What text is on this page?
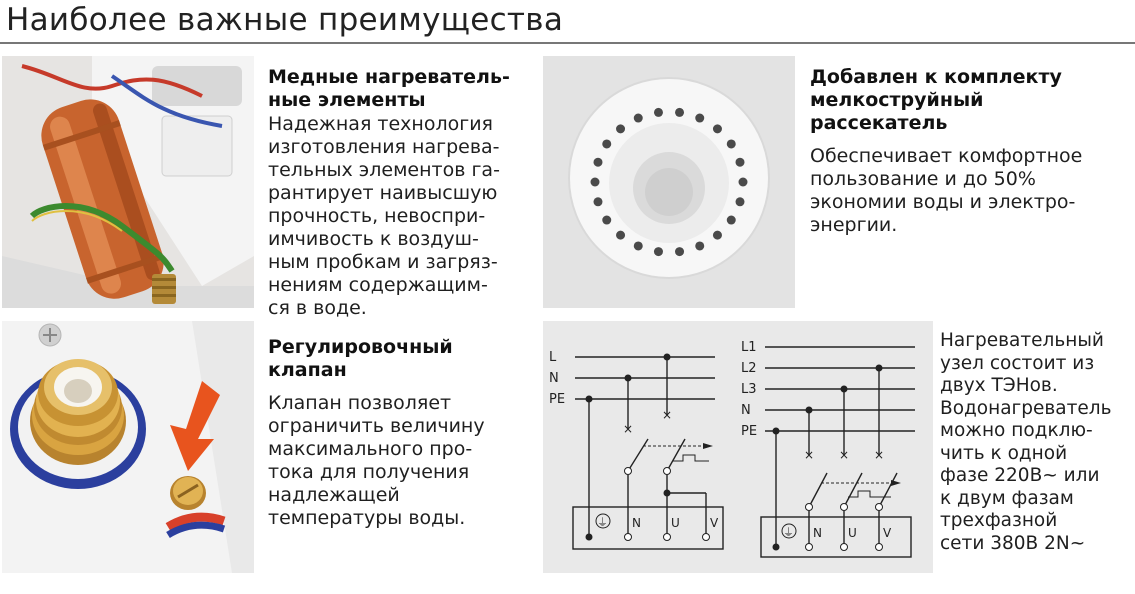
Наиболее важные преимущества
Медные нагреватель-
ные элементы
Надежная технология
изготовления нагрева-
тельных элементов га-
рантирует наивысшую
прочность, невоспри-
имчивость к воздуш-
ным пробкам и загряз-
нениям содержащим-
ся в воде.
Добавлен к комплекту
мелкоструйный
рассекатель
Обеспечивает комфортное
пользование и до 50%
экономии воды и электро-
энергии.
Регулировочный
клапан
Клапан позволяет
ограничить величину
максимального про-
тока для получения
надлежащей
температуры воды.
L
N
PE
×
×
⏚ N	U	V
L1
L2
L3
N
PE
× × ×
⏚ N U V
Нагревательный
узел состоит из
двух ТЭНов.
Водонагреватель
можно подклю-
чить к одной
фазе 220В~ или
к двум фазам
трехфазной
сети 380В 2N~
